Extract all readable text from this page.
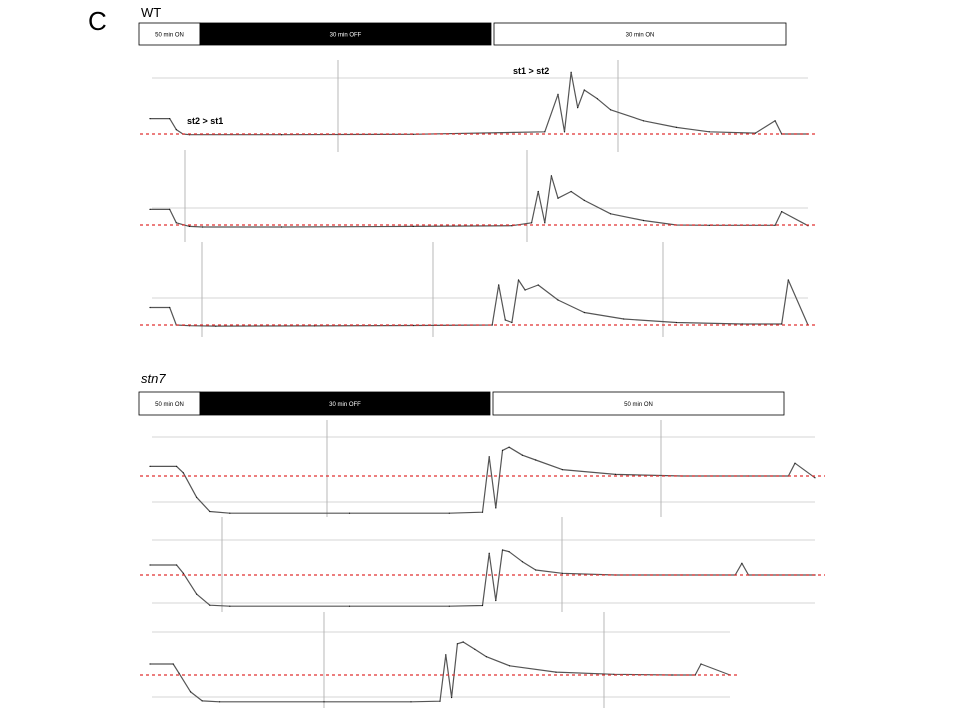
C	WT
50 min ON	30 min OFF	30 min ON
stn7
50 min ON	30 min OFF	50 min ON
st2 > st1
st1 > st2
